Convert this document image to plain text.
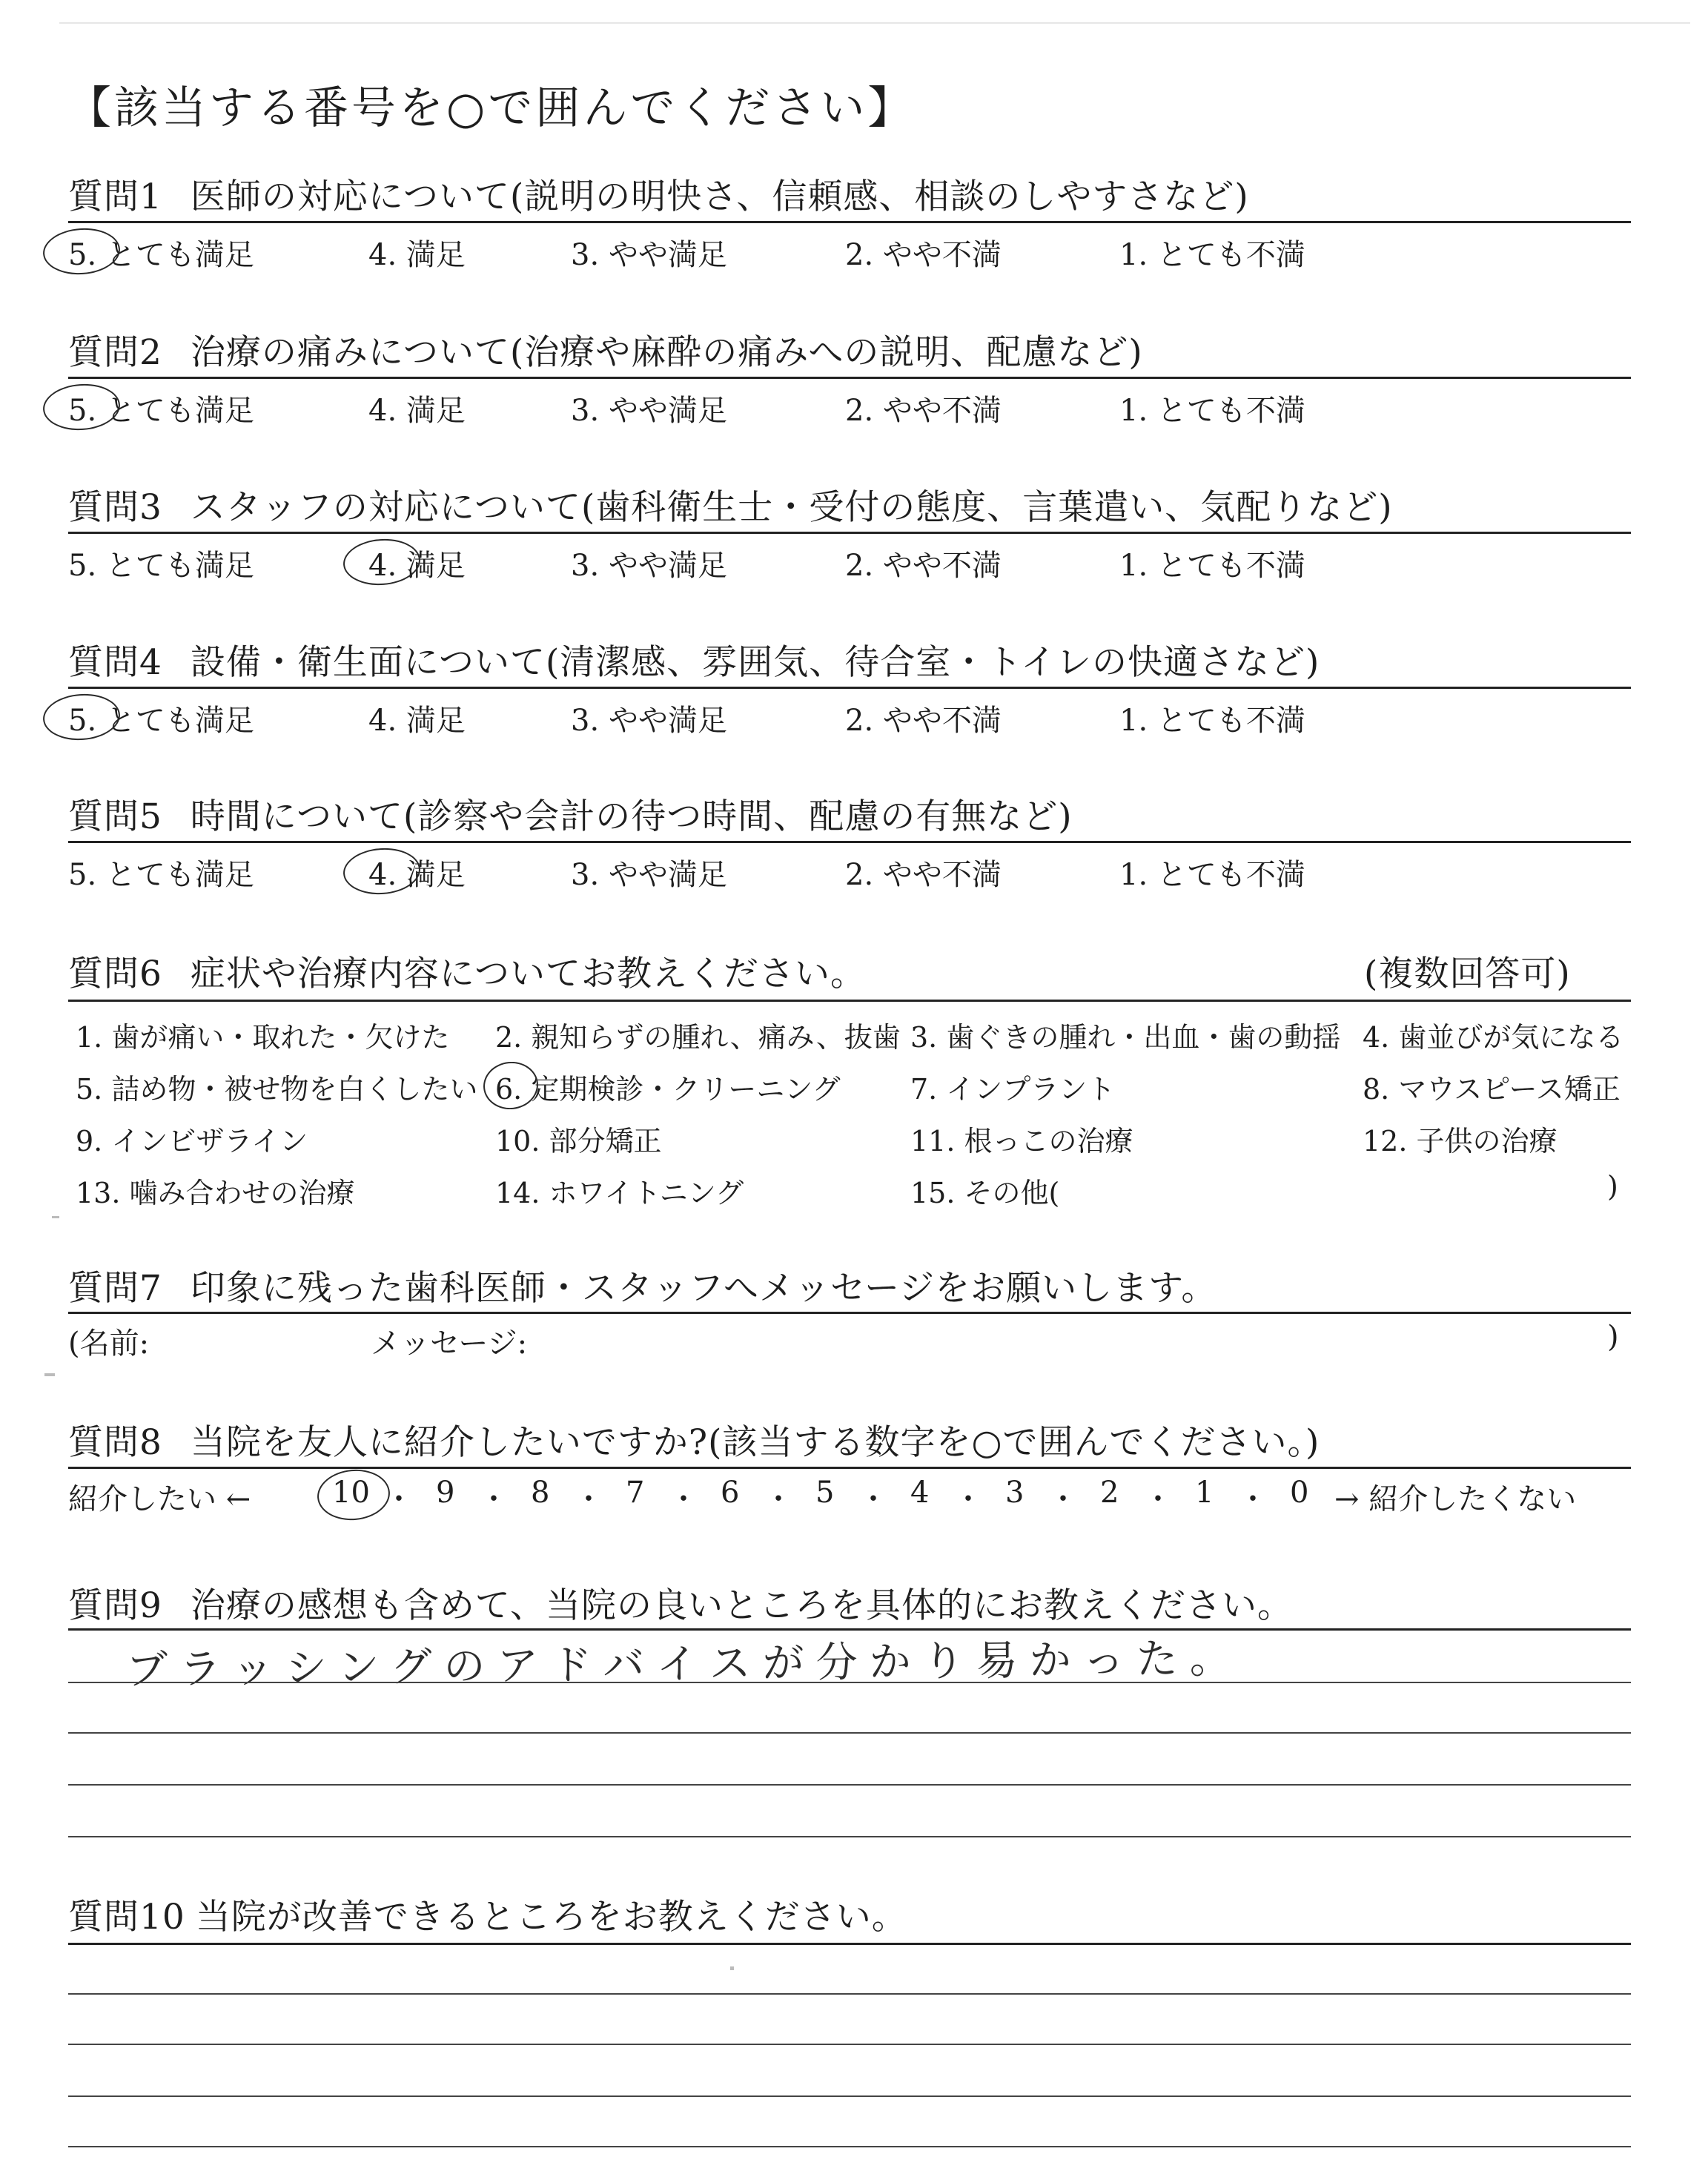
【該当する番号を○で囲んでください】
質問1 医師の対応について(説明の明快さ、信頼感、相談のしやすさなど)
5. とても満足	4. 満足	3. やや満足	2. やや不満	1. とても不満
質問2 治療の痛みについて(治療や麻酔の痛みへの説明、配慮など)
5. とても満足	4. 満足	3. やや満足	2. やや不満	1. とても不満
質問3 スタッフの対応について(歯科衛生士・受付の態度、言葉遣い、気配りなど)
5. とても満足	4. 満足	3. やや満足	2. やや不満	1. とても不満
質問4 設備・衛生面について(清潔感、雰囲気、待合室・トイレの快適さなど)
5. とても満足	4. 満足	3. やや満足	2. やや不満	1. とても不満
質問5 時間について(診察や会計の待つ時間、配慮の有無など)
5. とても満足	4. 満足	3. やや満足	2. やや不満	1. とても不満
質問6 症状や治療内容についてお教えください。	(複数回答可)
1. 歯が痛い・取れた・欠けた 2. 親知らずの腫れ、痛み、抜歯 3. 歯ぐきの腫れ・出血・歯の動揺 4. 歯並びが気になる
5. 詰め物・被せ物を白くしたい 6. 定期検診・クリーニング 7. インプラント	8. マウスピース矯正
9. インビザライン	10. 部分矯正	11. 根っこの治療	12. 子供の治療
13. 噛み合わせの治療	14. ホワイトニング	15. その他(	)
質問7 印象に残った歯科医師・スタッフへメッセージをお願いします。
(名前:	メッセージ:	)
質問8 当院を友人に紹介したいですか?(該当する数字を○で囲んでください。)
紹介したい ←	→ 紹介したくない
10 ・ 9 ・ 8 ・ 7 ・ 6 ・ 5 ・ 4 ・ 3 ・ 2 ・ 1 ・ 0
質問9 治療の感想も含めて、当院の良いところを具体的にお教えください。
ブラッシングのアドバイスが分かり易かった。
質問10 当院が改善できるところをお教えください。
